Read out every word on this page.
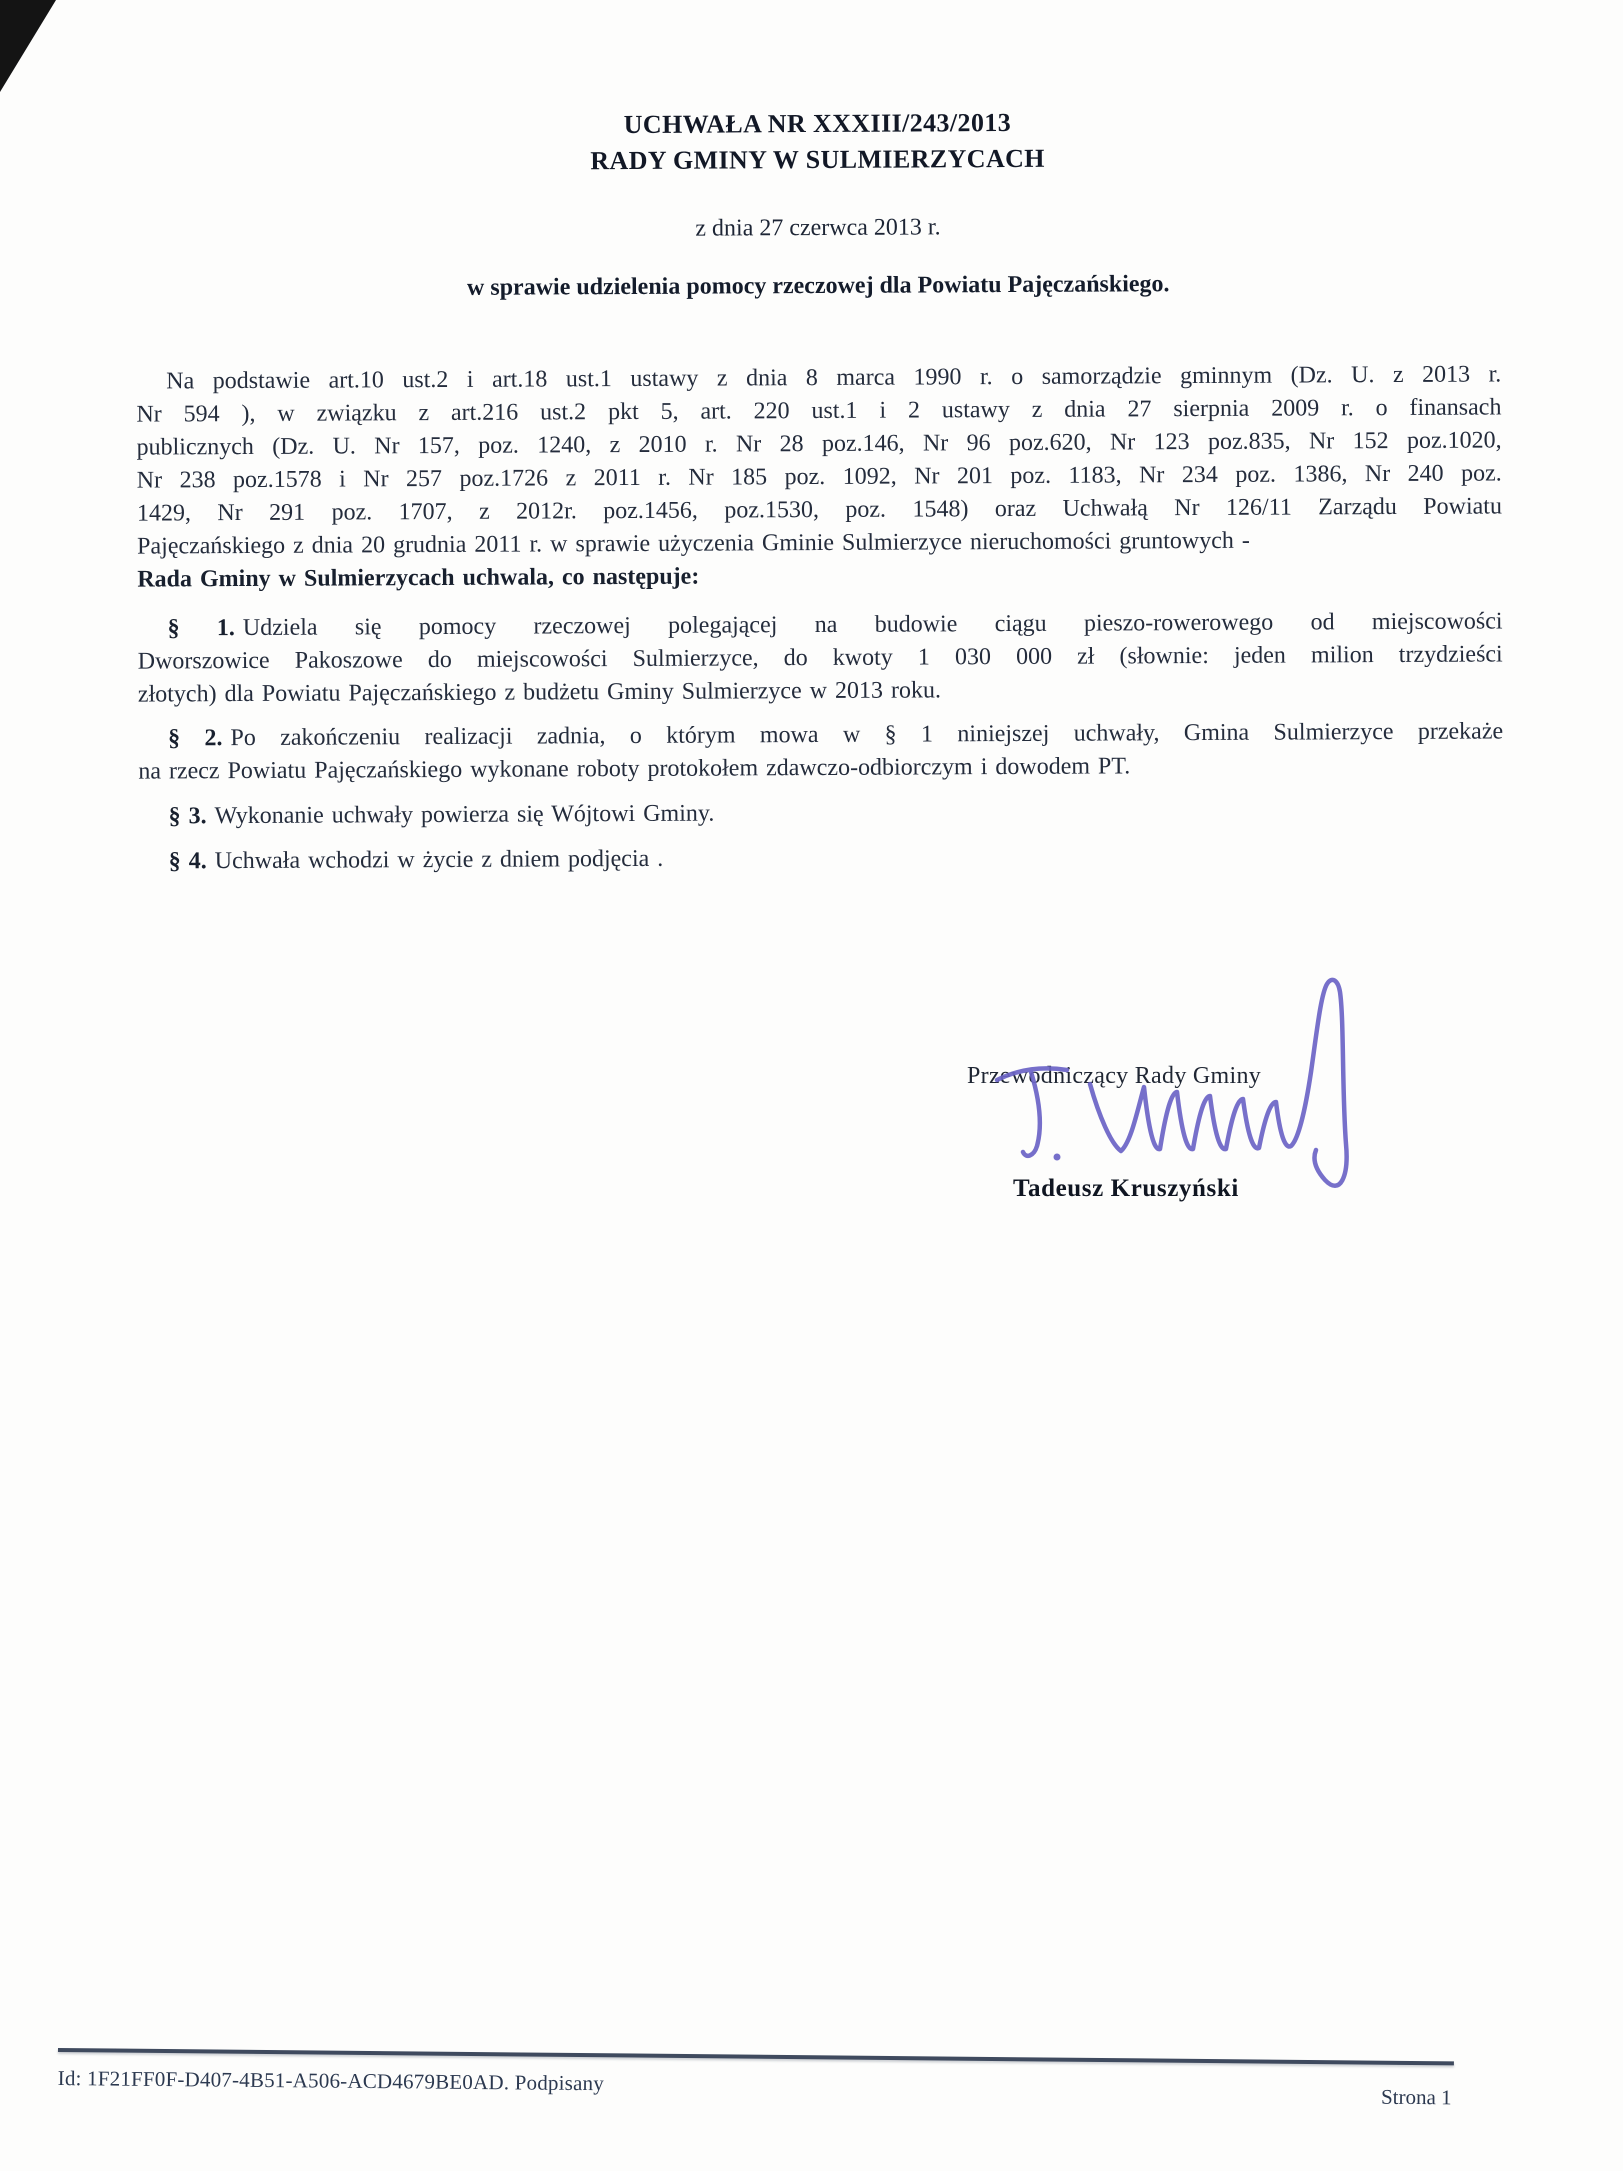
UCHWAŁA NR XXXIII/243/2013
RADY GMINY W SULMIERZYCACH
z dnia 27 czerwca 2013 r.
w sprawie udzielenia pomocy rzeczowej dla Powiatu Pajęczańskiego.
Na podstawie art.10 ust.2 i art.18 ust.1 ustawy z dnia 8 marca 1990 r. o samorządzie gminnym (Dz. U. z 2013 r.
Nr 594 ), w związku z art.216 ust.2 pkt 5, art. 220 ust.1 i 2 ustawy z dnia 27 sierpnia 2009 r. o finansach
publicznych (Dz. U. Nr 157, poz. 1240, z 2010 r. Nr 28 poz.146, Nr 96 poz.620, Nr 123 poz.835, Nr 152 poz.1020,
Nr 238 poz.1578 i Nr 257 poz.1726 z 2011 r. Nr 185 poz. 1092, Nr 201 poz. 1183, Nr 234 poz. 1386, Nr 240 poz.
1429, Nr 291 poz. 1707, z 2012r. poz.1456, poz.1530, poz. 1548) oraz Uchwałą Nr 126/11 Zarządu Powiatu
Pajęczańskiego z dnia 20 grudnia 2011 r. w sprawie użyczenia Gminie Sulmierzyce nieruchomości gruntowych -
Rada Gminy w Sulmierzycach uchwala, co następuje:
§ 1. Udziela się pomocy rzeczowej polegającej na budowie ciągu pieszo-rowerowego od miejscowości
Dworszowice Pakoszowe do miejscowości Sulmierzyce, do kwoty 1 030 000 zł (słownie: jeden milion trzydzieści
złotych) dla Powiatu Pajęczańskiego z budżetu Gminy Sulmierzyce w 2013 roku.
§ 2. Po zakończeniu realizacji zadnia, o którym mowa w § 1 niniejszej uchwały, Gmina Sulmierzyce przekaże
na rzecz Powiatu Pajęczańskiego wykonane roboty protokołem zdawczo-odbiorczym i dowodem PT.
§ 3. Wykonanie uchwały powierza się Wójtowi Gminy.
§ 4. Uchwała wchodzi w życie z dniem podjęcia .
Przewodniczący Rady Gminy
Tadeusz Kruszyński
Id: 1F21FF0F-D407-4B51-A506-ACD4679BE0AD. Podpisany
Strona 1
